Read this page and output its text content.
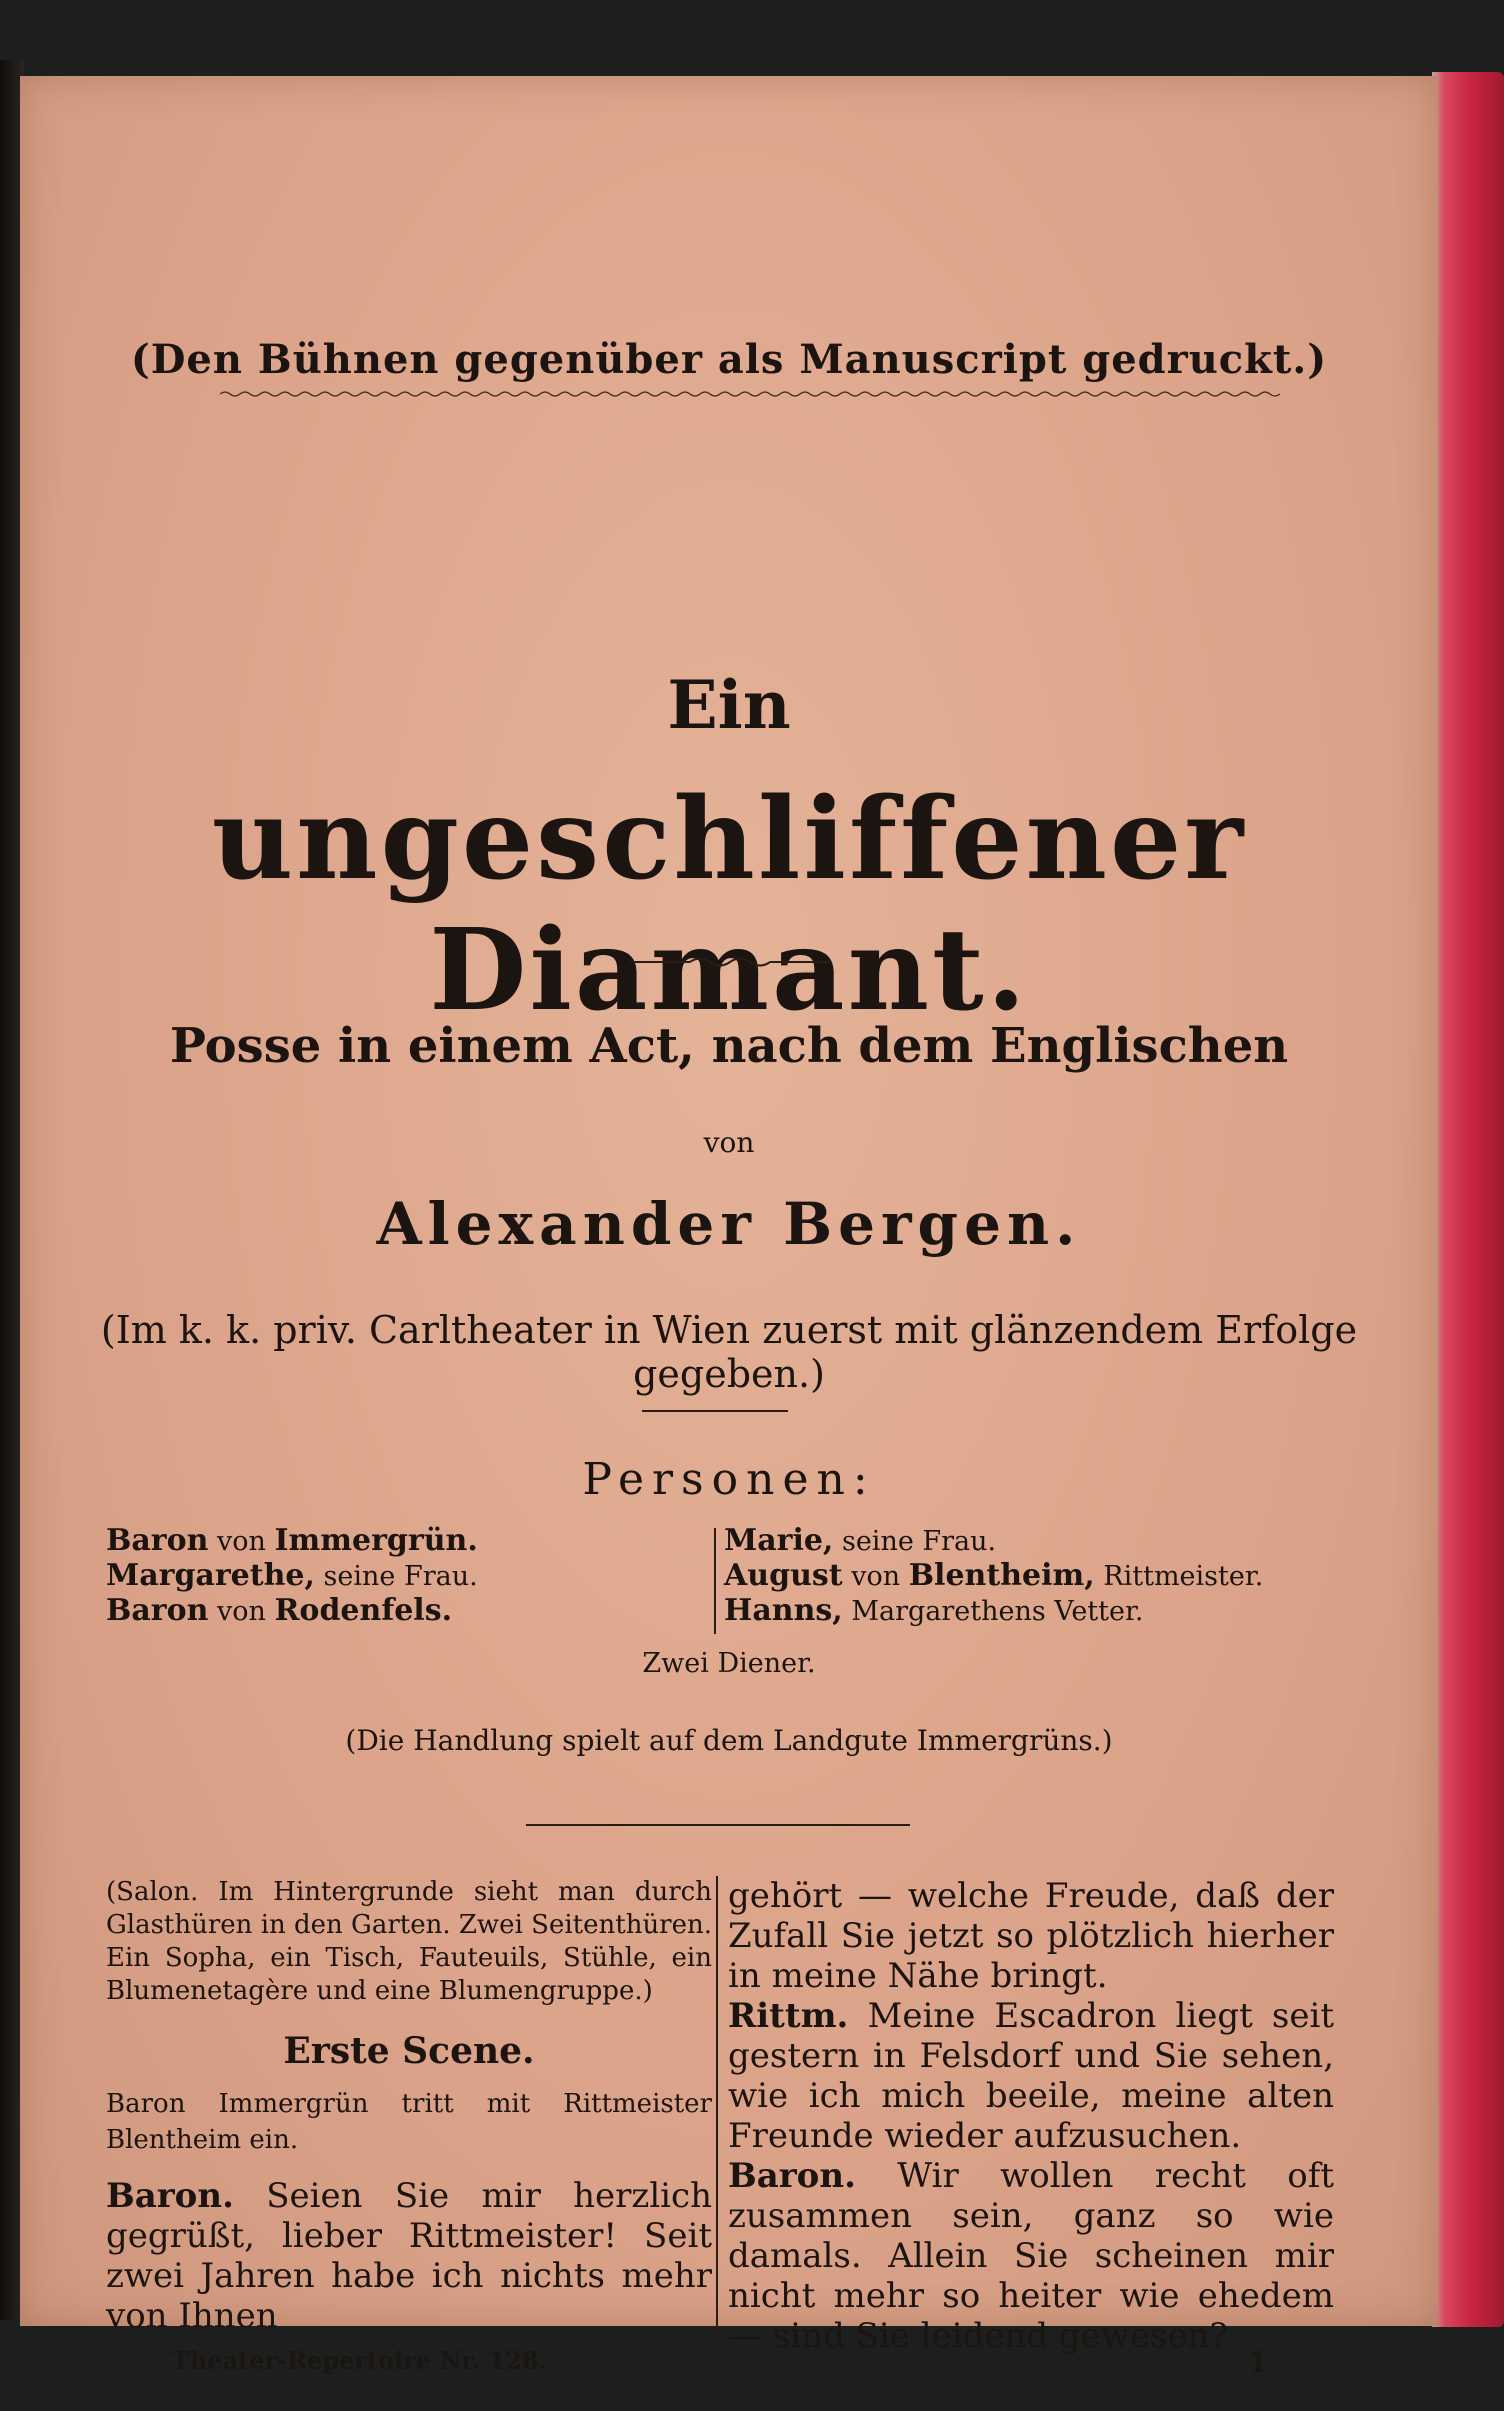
(Den Bühnen gegenüber als Manuscript gedruckt.)
Ein
ungeschliffener Diamant.
Posse in einem Act, nach dem Englischen
von
Alexander Bergen.
(Im k. k. priv. Carltheater in Wien zuerst mit glänzendem Erfolge gegeben.)
Personen:
Baron von Immergrün.
Margarethe, seine Frau.
Baron von Rodenfels.
Marie, seine Frau.
August von Blentheim, Rittmeister.
Hanns, Margarethens Vetter.
Zwei Diener.
(Die Handlung spielt auf dem Landgute Immergrüns.)
(Salon. Im Hintergrunde sieht man durch Glasthüren in den Garten. Zwei Seitenthüren. Ein Sopha, ein Tisch, Fauteuils, Stühle, ein Blumenetagère und eine Blumengruppe.)
Erste Scene.
Baron Immergrün tritt mit Rittmeister Blentheim ein.
Baron. Seien Sie mir herzlich gegrüßt, lieber Rittmeister! Seit zwei Jahren habe ich nichts mehr von Ihnen
gehört — welche Freude, daß der Zufall Sie jetzt so plötzlich hierher in meine Nähe bringt.
Rittm. Meine Escadron liegt seit gestern in Felsdorf und Sie sehen, wie ich mich beeile, meine alten Freunde wieder aufzusuchen.
Baron. Wir wollen recht oft zusammen sein, ganz so wie damals. Allein Sie scheinen mir nicht mehr so heiter wie ehedem — sind Sie leidend gewesen?
Theater-Repertoire Nr. 128.	1
